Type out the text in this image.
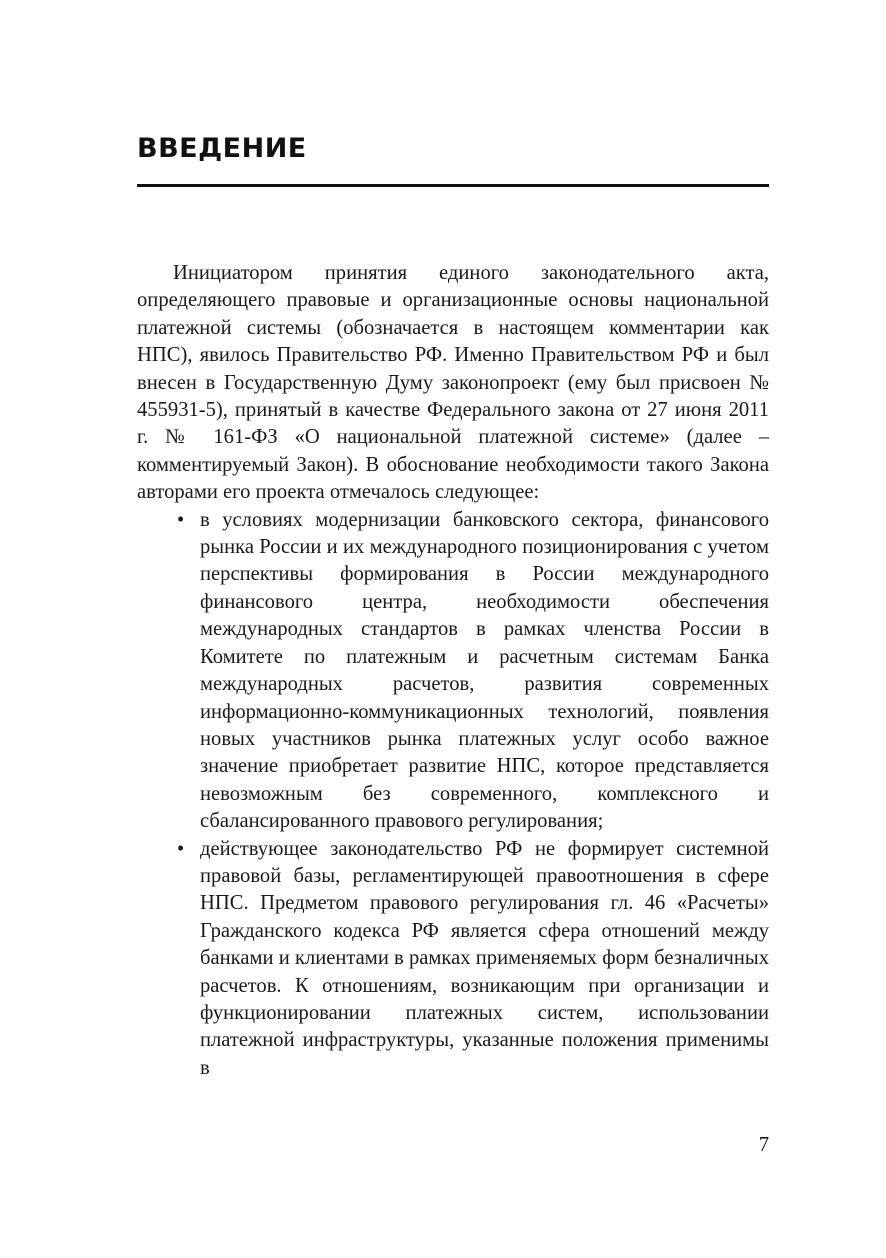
ВВЕДЕНИЕ

Инициатором принятия единого законодательного акта, определяющего правовые и организационные основы национальной платежной системы (обозначается в настоящем комментарии как НПС), явилось Правительство РФ. Именно Правительством РФ и был внесен в Государственную Думу законопроект (ему был присвоен № 455931-5), принятый в качестве Федерального закона от 27 июня 2011 г. № 161-ФЗ «О национальной платежной системе» (далее – комментируемый Закон). В обоснование необходимости такого Закона авторами его проекта отмечалось следующее:

• в условиях модернизации банковского сектора, финансового рынка России и их международного позиционирования с учетом перспективы формирования в России международного финансового центра, необходимости обеспечения международных стандартов в рамках членства России в Комитете по платежным и расчетным системам Банка международных расчетов, развития современных информационно-коммуникационных технологий, появления новых участников рынка платежных услуг особо важное значение приобретает развитие НПС, которое представляется невозможным без современного, комплексного и сбалансированного правового регулирования;
• действующее законодательство РФ не формирует системной правовой базы, регламентирующей правоотношения в сфере НПС. Предметом правового регулирования гл. 46 «Расчеты» Гражданского кодекса РФ является сфера отношений между банками и клиентами в рамках применяемых форм безналичных расчетов. К отношениям, возникающим при организации и функционировании платежных систем, использовании платежной инфраструктуры, указанные положения применимы в
7
